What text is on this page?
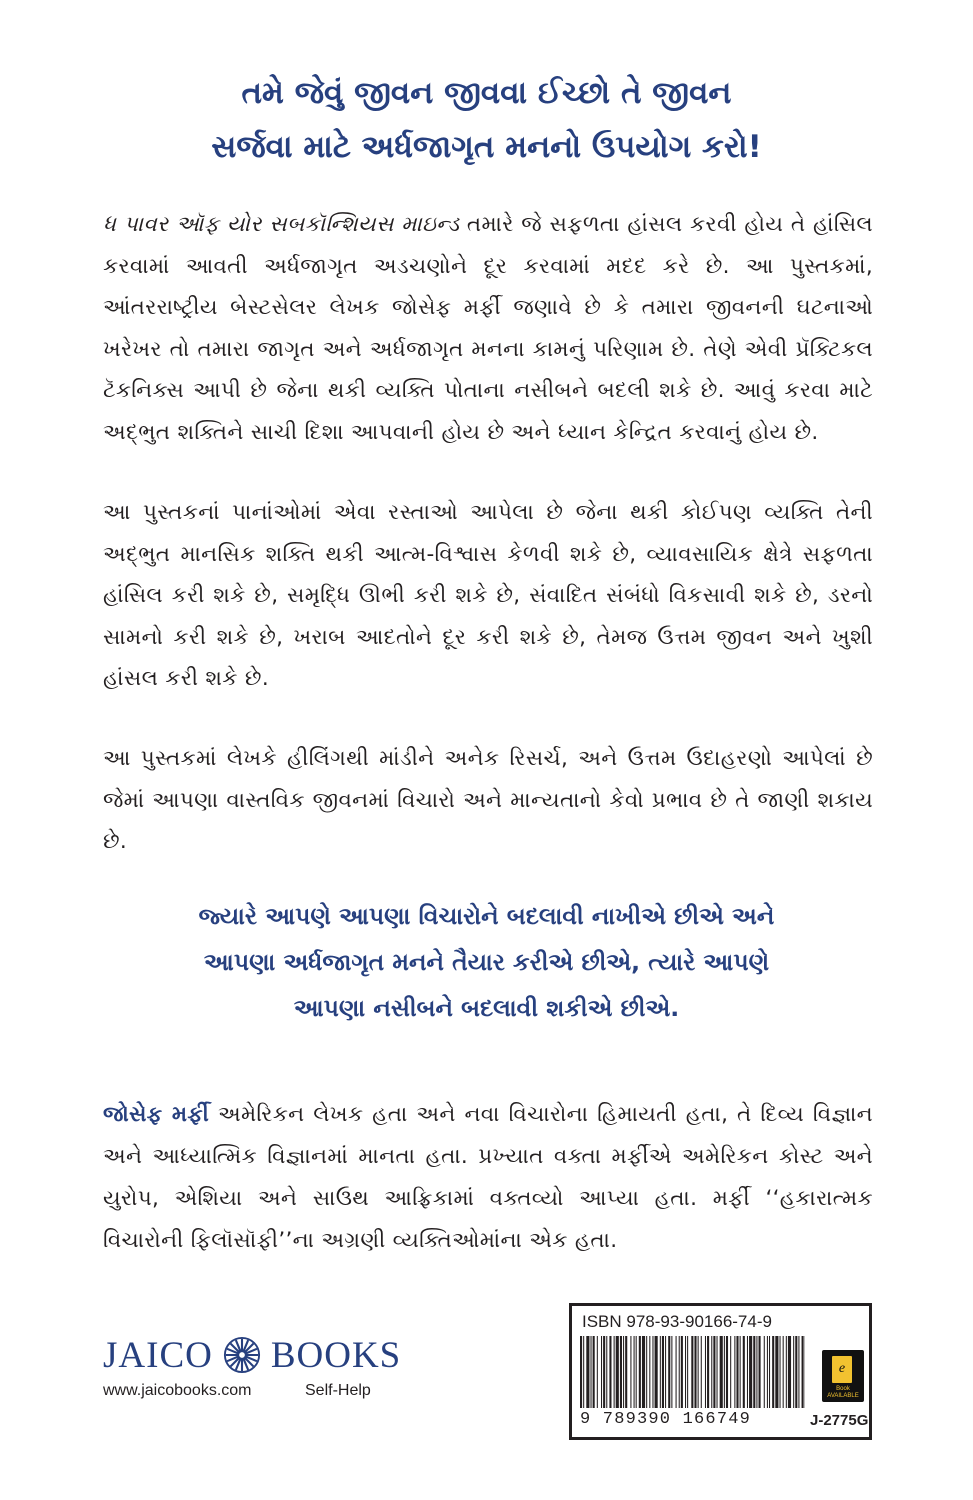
તમે જેવું જીવન જીવવા ઈચ્છો તે જીવન
સર્જવા માટે અર્ધજાગૃત મનનો ઉપયોગ કરો!
ધ પાવર ઑફ યોર સબકૉન્શિયસ માઇન્ડ તમારે જે સફળતા હાંસલ કરવી હોય તે હાંસિલ કરવામાં આવતી અર્ધજાગૃત અડચણોને દૂર કરવામાં મદદ કરે છે. આ પુસ્તકમાં, આંતરરાષ્ટ્રીય બેસ્ટસેલર લેખક જોસેફ મર્ફી જણાવે છે કે તમારા જીવનની ઘટનાઓ ખરેખર તો તમારા જાગૃત અને અર્ધજાગૃત મનના કામનું પરિણામ છે. તેણે એવી પ્રૅક્ટિકલ ટૅકનિક્સ આપી છે જેના થકી વ્યક્તિ પોતાના નસીબને બદલી શકે છે. આવું કરવા માટે અદ્ભુત શક્તિને સાચી દિશા આપવાની હોય છે અને ધ્યાન કેન્દ્રિત કરવાનું હોય છે.
આ પુસ્તકનાં પાનાંઓમાં એવા રસ્તાઓ આપેલા છે જેના થકી કોઈપણ વ્યક્તિ તેની અદ્ભુત માનસિક શક્તિ થકી આત્મ-વિશ્વાસ કેળવી શકે છે, વ્યાવસાયિક ક્ષેત્રે સફળતા હાંસિલ કરી શકે છે, સમૃદ્ધિ ઊભી કરી શકે છે, સંવાદિત સંબંધો વિકસાવી શકે છે, ડરનો સામનો કરી શકે છે, ખરાબ આદતોને દૂર કરી શકે છે, તેમજ ઉત્તમ જીવન અને ખુશી હાંસલ કરી શકે છે.
આ પુસ્તકમાં લેખકે હીલિંગથી માંડીને અનેક રિસર્ચ, અને ઉત્તમ ઉદાહરણો આપેલાં છે જેમાં આપણા વાસ્તવિક જીવનમાં વિચારો અને માન્યતાનો કેવો પ્રભાવ છે તે જાણી શકાય છે.
જ્યારે આપણે આપણા વિચારોને બદલાવી નાખીએ છીએ અને
આપણા અર્ધજાગૃત મનને તૈયાર કરીએ છીએ, ત્યારે આપણે
આપણા નસીબને બદલાવી શકીએ છીએ.
જોસેફ મર્ફી અમેરિકન લેખક હતા અને નવા વિચારોના હિમાયતી હતા, તે દિવ્ય વિજ્ઞાન અને આધ્યાત્મિક વિજ્ઞાનમાં માનતા હતા. પ્રખ્યાત વક્તા મર્ફીએ અમેરિકન કોસ્ટ અને યુરોપ, એશિયા અને સાઉથ આફ્રિકામાં વક્તવ્યો આપ્યા હતા. મર્ફી ‘‘હકારાત્મક વિચારોની ફિલૉસૉફી’’ના અગ્રણી વ્યક્તિઓમાંના એક હતા.
JAICO BOOKS
www.jaicobooks.com	Self-Help
ISBN 978-93-90166-74-9
9 789390 166749
e
Book
AVAILABLE
J-2775G
